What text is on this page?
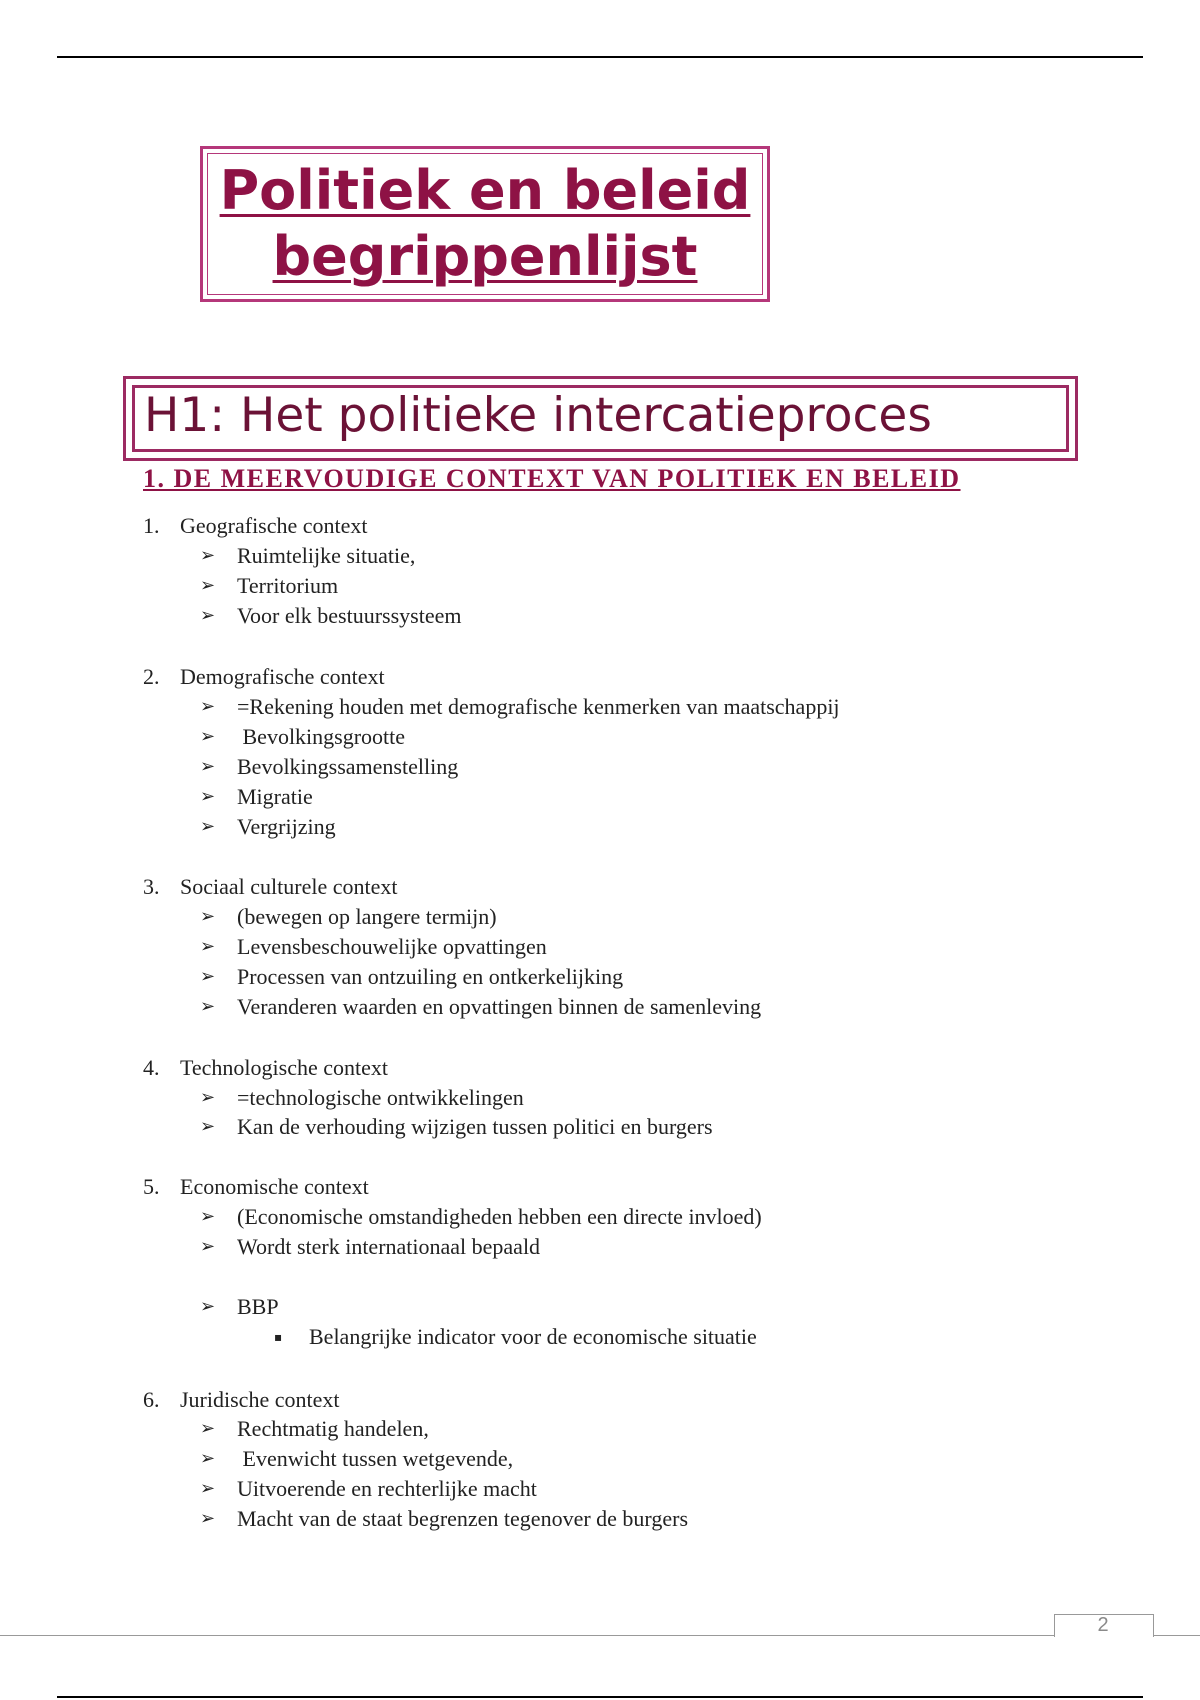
Politiek en beleid
begrippenlijst
H1: Het politieke intercatieproces
1. DE MEERVOUDIGE CONTEXT VAN POLITIEK EN BELEID
1. Geografische context
➢ Ruimtelijke situatie,
➢ Territorium
➢ Voor elk bestuurssysteem
2. Demografische context
➢ =Rekening houden met demografische kenmerken van maatschappij
➢ Bevolkingsgrootte
➢ Bevolkingssamenstelling
➢ Migratie
➢ Vergrijzing
3. Sociaal culturele context
➢ (bewegen op langere termijn)
➢ Levensbeschouwelijke opvattingen
➢ Processen van ontzuiling en ontkerkelijking
➢ Veranderen waarden en opvattingen binnen de samenleving
4. Technologische context
➢ =technologische ontwikkelingen
➢ Kan de verhouding wijzigen tussen politici en burgers
5. Economische context
➢ (Economische omstandigheden hebben een directe invloed)
➢ Wordt sterk internationaal bepaald
➢ BBP
▪ Belangrijke indicator voor de economische situatie
6. Juridische context
➢ Rechtmatig handelen,
➢ Evenwicht tussen wetgevende,
➢ Uitvoerende en rechterlijke macht
➢ Macht van de staat begrenzen tegenover de burgers
2
